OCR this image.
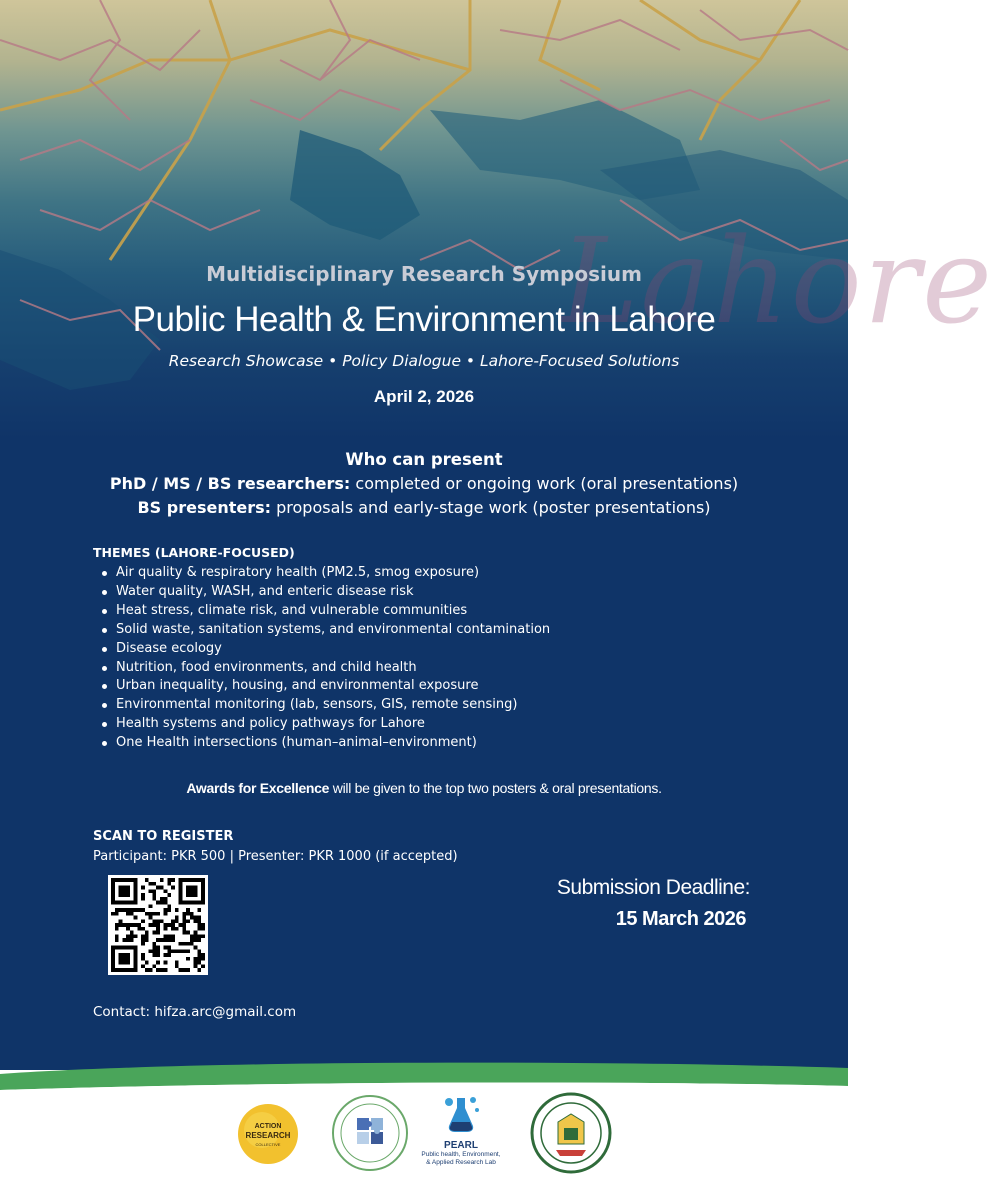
Lahore
Multidisciplinary Research Symposium
Public Health & Environment in Lahore
Research Showcase • Policy Dialogue • Lahore-Focused Solutions
April 2, 2026
Who can present
PhD / MS / BS researchers: completed or ongoing work (oral presentations)
BS presenters: proposals and early-stage work (poster presentations)
THEMES (LAHORE-FOCUSED)
Air quality & respiratory health (PM2.5, smog exposure)
Water quality, WASH, and enteric disease risk
Heat stress, climate risk, and vulnerable communities
Solid waste, sanitation systems, and environmental contamination
Disease ecology
Nutrition, food environments, and child health
Urban inequality, housing, and environmental exposure
Environmental monitoring (lab, sensors, GIS, remote sensing)
Health systems and policy pathways for Lahore
One Health intersections (human–animal–environment)
Awards for Excellence will be given to the top two posters & oral presentations.
SCAN TO REGISTER
Participant: PKR 500 | Presenter: PKR 1000 (if accepted)
Submission Deadline:
15 March 2026
Contact: hifza.arc@gmail.com
ACTION
RESEARCH
COLLECTIVE	PEARL
Public health, Environment,
& Applied Research Lab
